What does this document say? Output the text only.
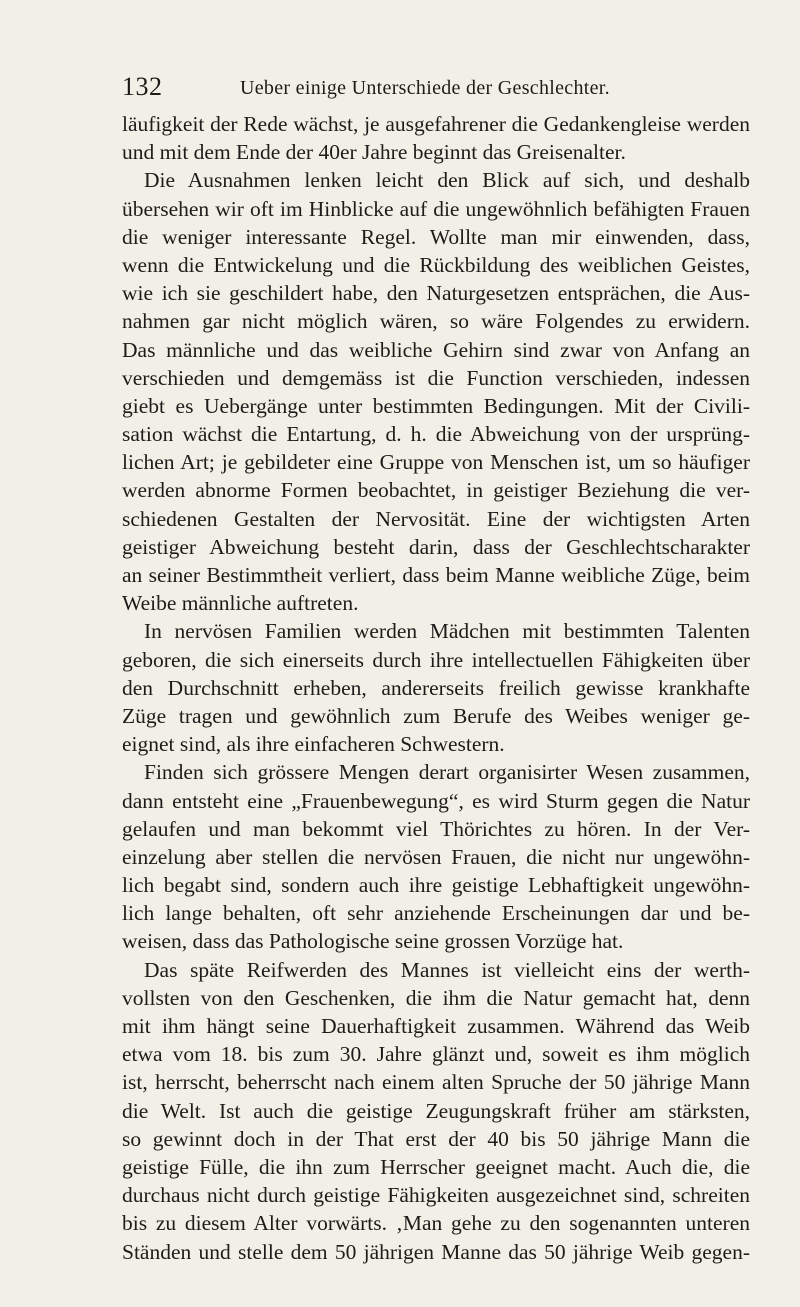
132	Ueber einige Unterschiede der Geschlechter.
läufigkeit der Rede wächst, je ausgefahrener die Gedankengleise werden
und mit dem Ende der 40er Jahre beginnt das Greisenalter.
Die Ausnahmen lenken leicht den Blick auf sich, und deshalb
übersehen wir oft im Hinblicke auf die ungewöhnlich befähigten Frauen
die weniger interessante Regel. Wollte man mir einwenden, dass,
wenn die Entwickelung und die Rückbildung des weiblichen Geistes,
wie ich sie geschildert habe, den Naturgesetzen entsprächen, die Aus-
nahmen gar nicht möglich wären, so wäre Folgendes zu erwidern.
Das männliche und das weibliche Gehirn sind zwar von Anfang an
verschieden und demgemäss ist die Function verschieden, indessen
giebt es Uebergänge unter bestimmten Bedingungen. Mit der Civili-
sation wächst die Entartung, d. h. die Abweichung von der ursprüng-
lichen Art; je gebildeter eine Gruppe von Menschen ist, um so häufiger
werden abnorme Formen beobachtet, in geistiger Beziehung die ver-
schiedenen Gestalten der Nervosität. Eine der wichtigsten Arten
geistiger Abweichung besteht darin, dass der Geschlechtscharakter
an seiner Bestimmtheit verliert, dass beim Manne weibliche Züge, beim
Weibe männliche auftreten.
In nervösen Familien werden Mädchen mit bestimmten Talenten
geboren, die sich einerseits durch ihre intellectuellen Fähigkeiten über
den Durchschnitt erheben, andererseits freilich gewisse krankhafte
Züge tragen und gewöhnlich zum Berufe des Weibes weniger ge-
eignet sind, als ihre einfacheren Schwestern.
Finden sich grössere Mengen derart organisirter Wesen zusammen,
dann entsteht eine „Frauenbewegung“, es wird Sturm gegen die Natur
gelaufen und man bekommt viel Thörichtes zu hören. In der Ver-
einzelung aber stellen die nervösen Frauen, die nicht nur ungewöhn-
lich begabt sind, sondern auch ihre geistige Lebhaftigkeit ungewöhn-
lich lange behalten, oft sehr anziehende Erscheinungen dar und be-
weisen, dass das Pathologische seine grossen Vorzüge hat.
Das späte Reifwerden des Mannes ist vielleicht eins der werth-
vollsten von den Geschenken, die ihm die Natur gemacht hat, denn
mit ihm hängt seine Dauerhaftigkeit zusammen. Während das Weib
etwa vom 18. bis zum 30. Jahre glänzt und, soweit es ihm möglich
ist, herrscht, beherrscht nach einem alten Spruche der 50 jährige Mann
die Welt. Ist auch die geistige Zeugungskraft früher am stärksten,
so gewinnt doch in der That erst der 40 bis 50 jährige Mann die
geistige Fülle, die ihn zum Herrscher geeignet macht. Auch die, die
durchaus nicht durch geistige Fähigkeiten ausgezeichnet sind, schreiten
bis zu diesem Alter vorwärts. ‚Man gehe zu den sogenannten unteren
Ständen und stelle dem 50 jährigen Manne das 50 jährige Weib gegen-
